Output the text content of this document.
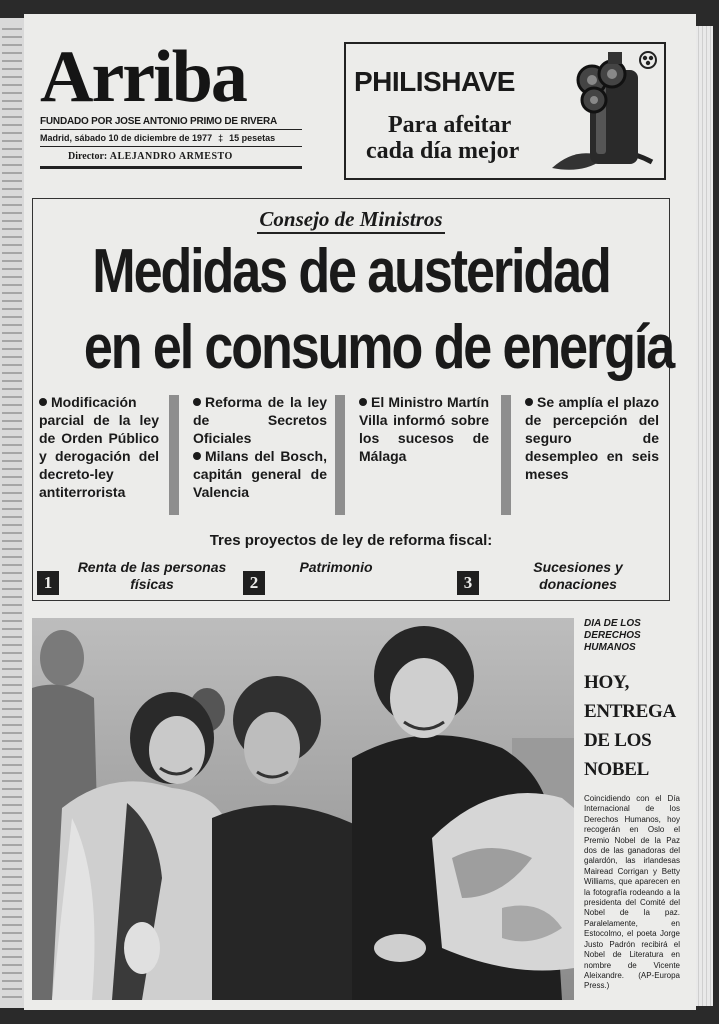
Arriba
FUNDADO POR JOSE ANTONIO PRIMO DE RIVERA
Madrid, sábado 10 de diciembre de 1977 ‡ 15 pesetas
Director: ALEJANDRO ARMESTO
PHILISHAVE
Para afeitar
cada día mejor
Consejo de Ministros
Medidas de austeridad
en el consumo de energía
Modificación parcial de la ley de Orden Público y derogación del decreto-ley antiterrorista
Reforma de la ley de Secretos Oficiales
Milans del Bosch, capitán general de Valencia
El Ministro Martín Villa informó sobre los sucesos de Málaga
Se amplía el plazo de percepción del seguro de desempleo en seis meses
Tres proyectos de ley de reforma fiscal:
1
Renta de las personas físicas	2
Patrimonio
3
Sucesiones y donaciones
DIA DE LOS DERECHOS HUMANOS
HOY,
ENTREGA
DE LOS
NOBEL
Coincidiendo con el Día Internacional de los Derechos Humanos, hoy recogerán en Oslo el Premio Nobel de la Paz dos de las ganadoras del galardón, las irlandesas Mairead Corrigan y Betty Williams, que aparecen en la fotografía rodeando a la presidenta del Comité del Nobel de la paz. Paralelamente, en Estocolmo, el poeta Jorge Justo Padrón recibirá el Nobel de Literatura en nombre de Vicente Aleixandre. (AP-Europa Press.)
